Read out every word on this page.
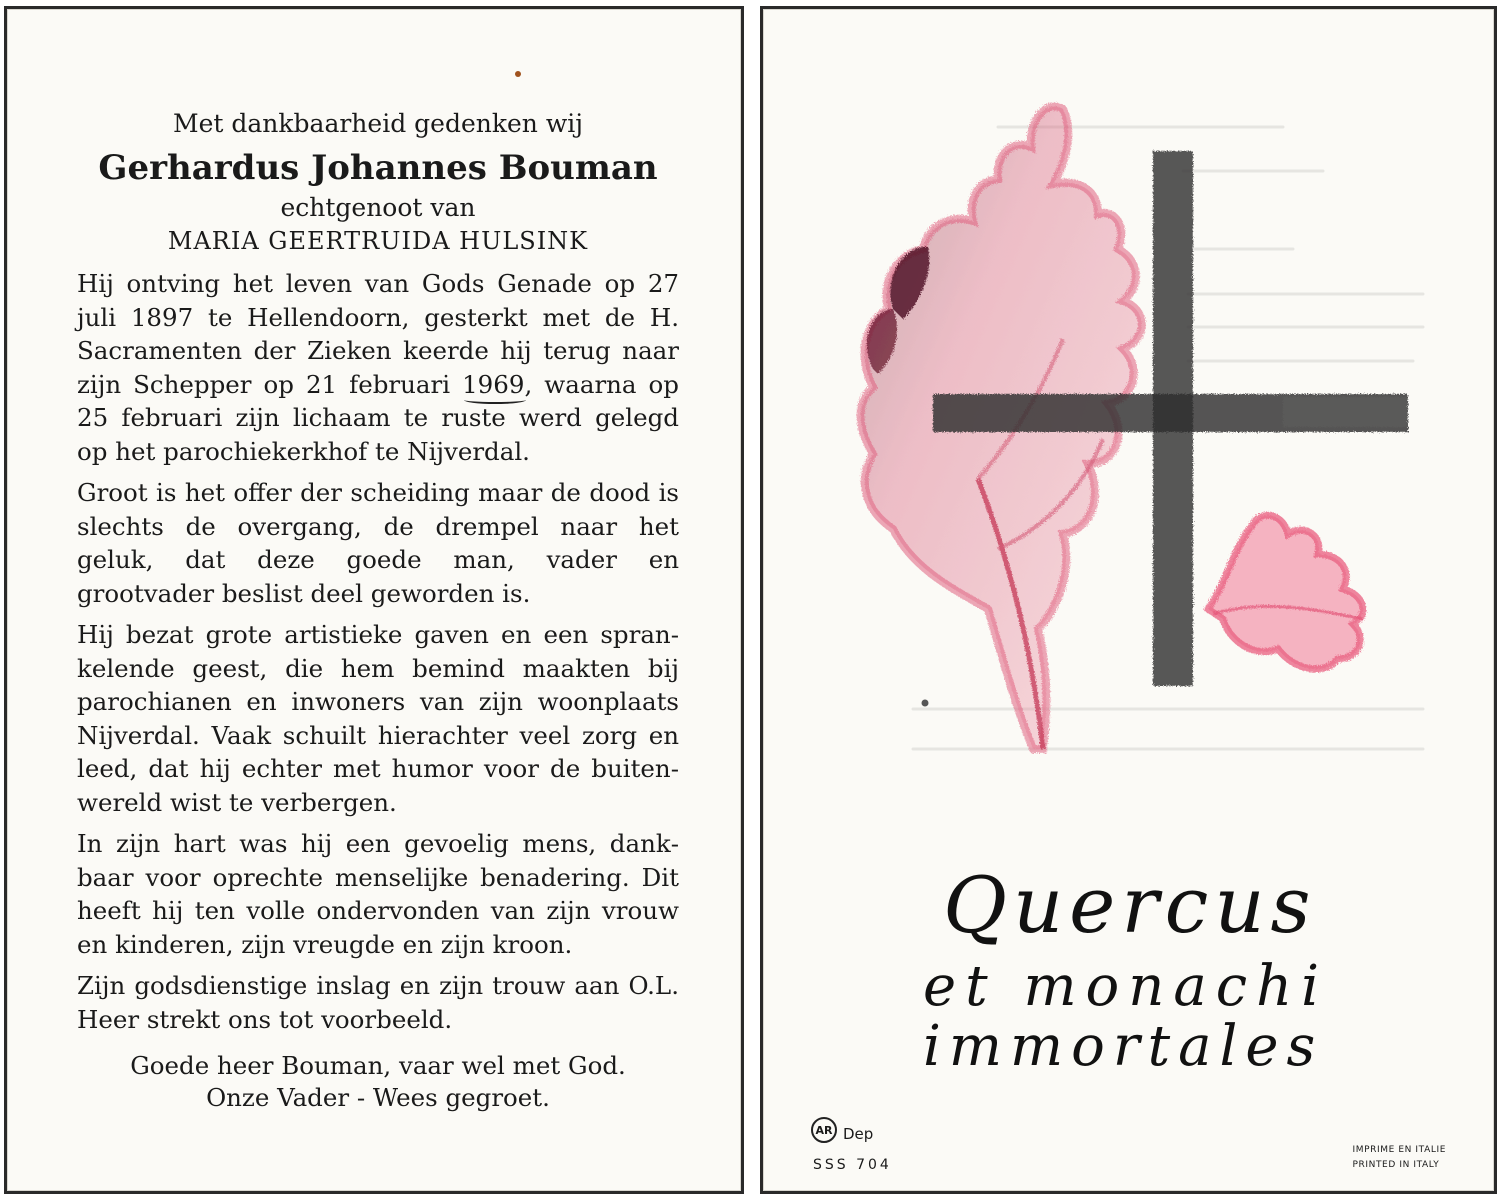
Met dankbaarheid gedenken wij
Gerhardus Johannes Bouman
echtgenoot van
MARIA GEERTRUIDA HULSINK

Hij ontving het leven van Gods Genade op 27 juli 1897 te Hellendoorn, gesterkt met de H. Sacramenten der Zieken keerde hij terug naar zijn Schepper op 21 februari 1969, waarna op 25 februari zijn lichaam te ruste werd gelegd op het parochiekerkhof te Nijverdal.

Groot is het offer der scheiding maar de dood is slechts de overgang, de drempel naar het geluk, dat deze goede man, vader en grootvader beslist deel geworden is.

Hij bezat grote artistieke gaven en een sprankelende geest, die hem bemind maakten bij parochianen en inwoners van zijn woonplaats Nijverdal. Vaak schuilt hierachter veel zorg en leed, dat hij echter met humor voor de buitenwereld wist te verbergen.

In zijn hart was hij een gevoelig mens, dankbaar voor oprechte menselijke benadering. Dit heeft hij ten volle ondervonden van zijn vrouw en kinderen, zijn vreugde en zijn kroon.

Zijn godsdienstige inslag en zijn trouw aan O.L. Heer strekt ons tot voorbeeld.

Goede heer Bouman, vaar wel met God.
Onze Vader - Wees gegroet.
Quercus
et monachi
immortales
AR Dep
SSS 704
IMPRIME EN ITALIE
PRINTED IN ITALY
